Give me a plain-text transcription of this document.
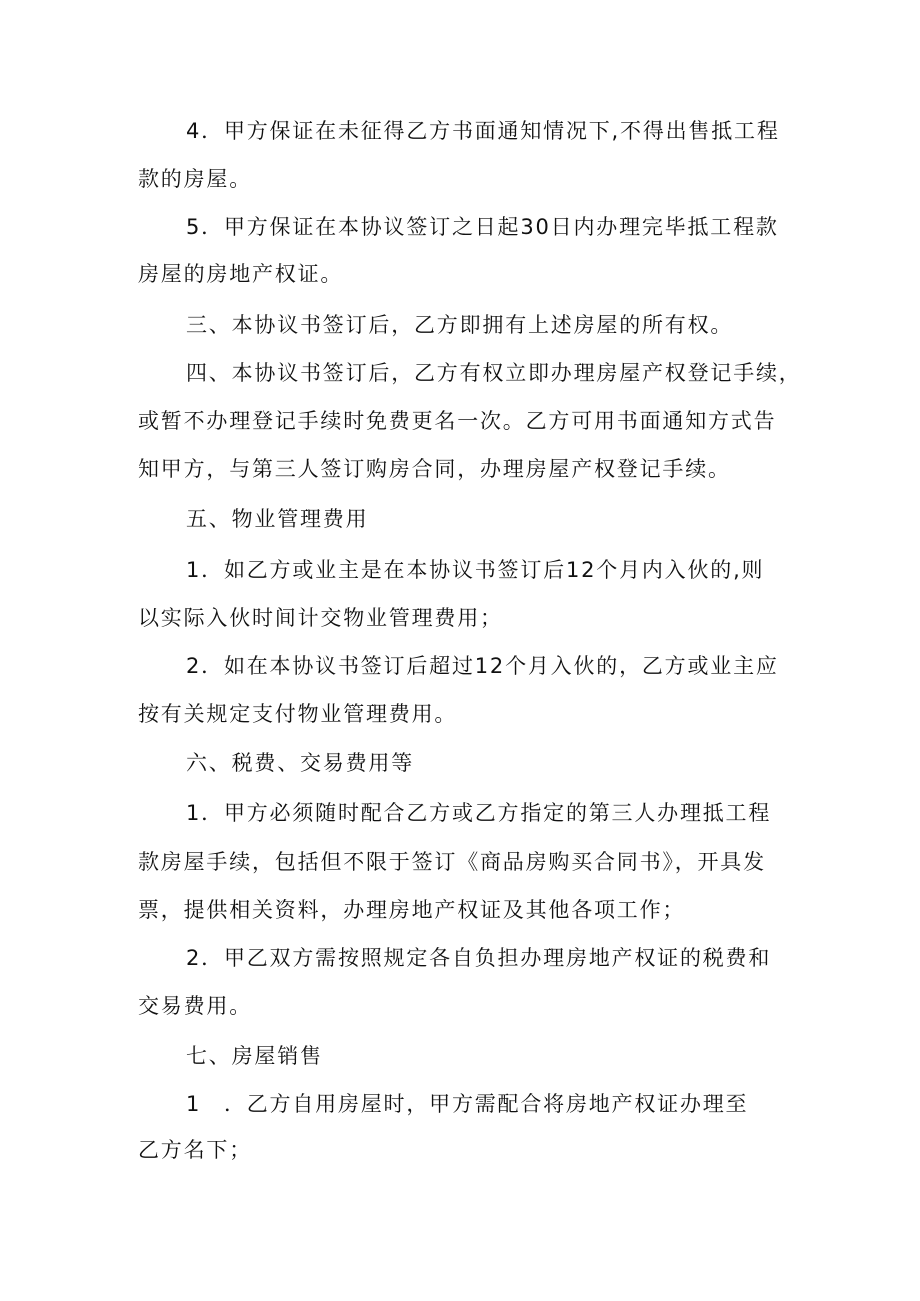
4．甲方保证在未征得乙方书面通知情况下,不得出售抵工程
款的房屋。
5．甲方保证在本协议签订之日起30日内办理完毕抵工程款
房屋的房地产权证。
三、本协议书签订后，乙方即拥有上述房屋的所有权。
四、本协议书签订后，乙方有权立即办理房屋产权登记手续，
或暂不办理登记手续时免费更名一次。乙方可用书面通知方式告
知甲方，与第三人签订购房合同，办理房屋产权登记手续。
五、物业管理费用
1．如乙方或业主是在本协议书签订后12个月内入伙的,则
以实际入伙时间计交物业管理费用；
2．如在本协议书签订后超过12个月入伙的，乙方或业主应
按有关规定支付物业管理费用。
六、税费、交易费用等
1．甲方必须随时配合乙方或乙方指定的第三人办理抵工程
款房屋手续，包括但不限于签订《商品房购买合同书》，开具发
票，提供相关资料，办理房地产权证及其他各项工作；
2．甲乙双方需按照规定各自负担办理房地产权证的税费和
交易费用。
七、房屋销售
1　．乙方自用房屋时，甲方需配合将房地产权证办理至
乙方名下；
